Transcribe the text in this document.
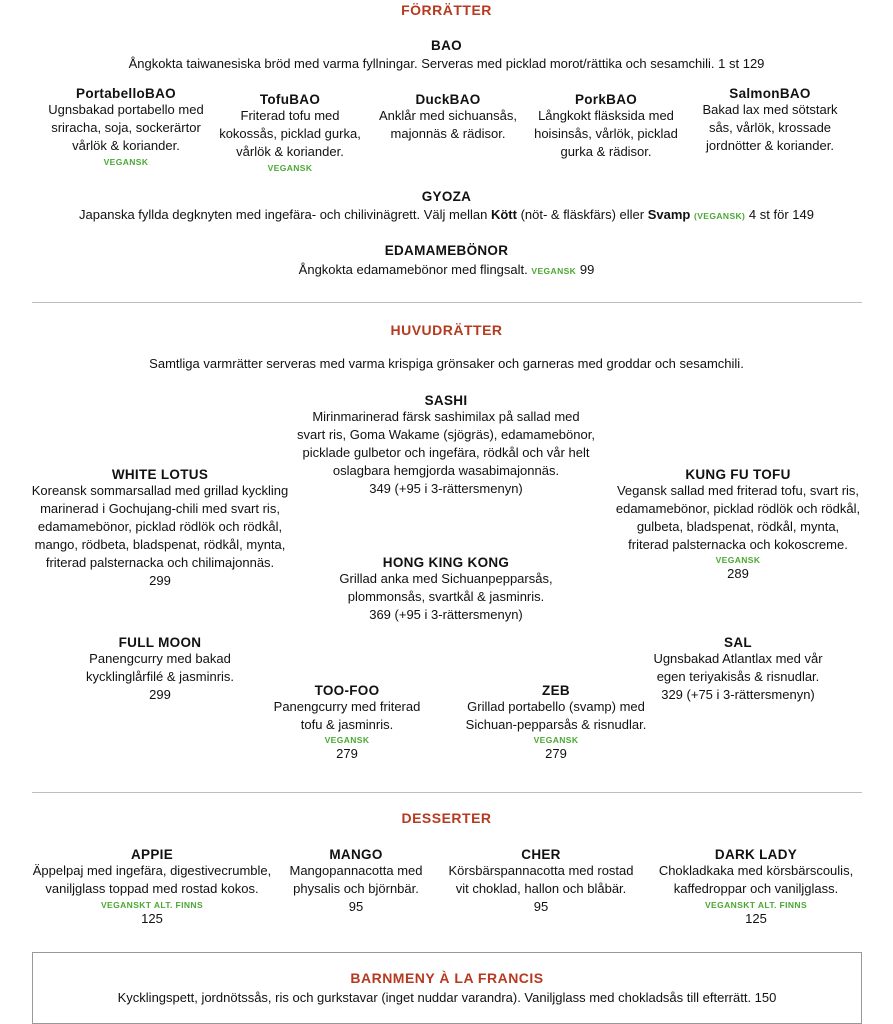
FÖRRÄTTER
BAO
Ångkokta taiwanesiska bröd med varma fyllningar. Serveras med picklad morot/rättika och sesamchili. 1 st 129
PortabelloBAO
Ugnsbakad portabello med
sriracha, soja, sockerärtor
vårlök & koriander.
VEGANSK
TofuBAO
Friterad tofu med
kokossås, picklad gurka,
vårlök & koriander.
VEGANSK
DuckBAO
Anklår med sichuansås,
majonnäs & rädisor.
PorkBAO
Långkokt fläsksida med
hoisinsås, vårlök, picklad
gurka & rädisor.
SalmonBAO
Bakad lax med sötstark
sås, vårlök, krossade
jordnötter & koriander.
GYOZA
Japanska fyllda degknyten med ingefära- och chilivinägrett. Välj mellan Kött (nöt- & fläskfärs) eller Svamp (VEGANSK) 4 st för 149
EDAMAMEBÖNOR
Ångkokta edamamebönor med flingsalt. VEGANSK 99
HUVUDRÄTTER
Samtliga varmrätter serveras med varma krispiga grönsaker och garneras med groddar och sesamchili.
SASHI
Mirinmarinerad färsk sashimilax på sallad med
svart ris, Goma Wakame (sjögräs), edamamebönor,
picklade gulbetor och ingefära, rödkål och vår helt
oslagbara hemgjorda wasabimajonnäs.
349 (+95 i 3-rättersmenyn)
WHITE LOTUS
Koreansk sommarsallad med grillad kyckling
marinerad i Gochujang-chili med svart ris,
edamamebönor, picklad rödlök och rödkål,
mango, rödbeta, bladspenat, rödkål, mynta,
friterad palsternacka och chilimajonnäs.
299
KUNG FU TOFU
Vegansk sallad med friterad tofu, svart ris,
edamamebönor, picklad rödlök och rödkål,
gulbeta, bladspenat, rödkål, mynta,
friterad palsternacka och kokoscreme.
VEGANSK
289
HONG KING KONG
Grillad anka med Sichuanpepparsås,
plommonsås, svartkål & jasminris.
369 (+95 i 3-rättersmenyn)
FULL MOON
Panengcurry med bakad
kycklinglårfilé & jasminris.
299
SAL
Ugnsbakad Atlantlax med vår
egen teriyakisås & risnudlar.
329 (+75 i 3-rättersmenyn)
TOO-FOO
Panengcurry med friterad
tofu & jasminris.
VEGANSK
279
ZEB
Grillad portabello (svamp) med
Sichuan-pepparsås & risnudlar.
VEGANSK
279
DESSERTER
APPIE
Äppelpaj med ingefära, digestivecrumble,
vaniljglass toppad med rostad kokos.
VEGANSKT ALT. FINNS
125
MANGO
Mangopannacotta med
physalis och björnbär.
95
CHER
Körsbärspannacotta med rostad
vit choklad, hallon och blåbär.
95
DARK LADY
Chokladkaka med körsbärscoulis,
kaffedroppar och vaniljglass.
VEGANSKT ALT. FINNS
125
BARNMENY À LA FRANCIS
Kycklingspett, jordnötssås, ris och gurkstavar (inget nuddar varandra). Vaniljglass med chokladsås till efterrätt. 150
